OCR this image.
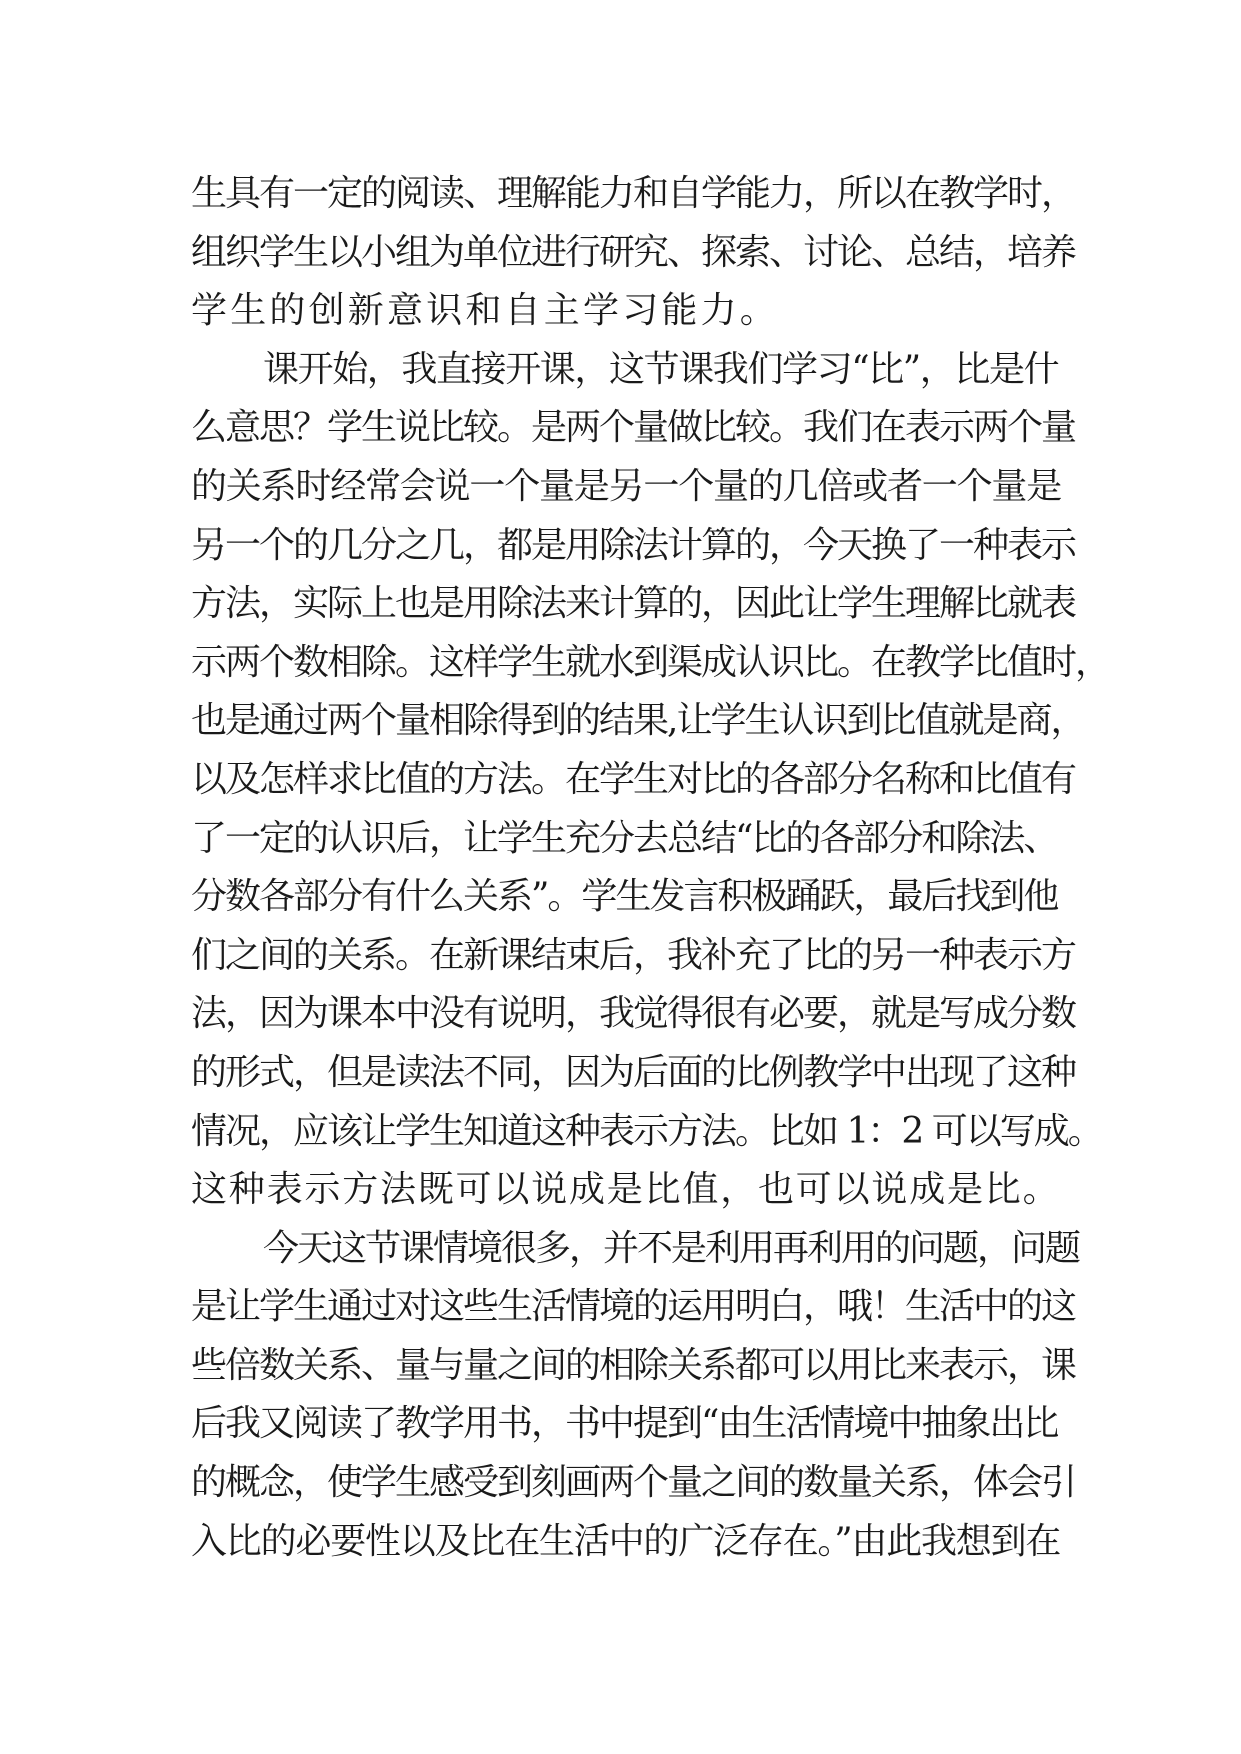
生具有一定的阅读、理解能力和自学能力，所以在教学时，
组织学生以小组为单位进行研究、探索、讨论、总结，培养
学生的创新意识和自主学习能力。
课开始，我直接开课，这节课我们学习“比”，比是什
么意思？学生说比较。是两个量做比较。我们在表示两个量
的关系时经常会说一个量是另一个量的几倍或者一个量是
另一个的几分之几，都是用除法计算的，今天换了一种表示
方法，实际上也是用除法来计算的，因此让学生理解比就表
示两个数相除。这样学生就水到渠成认识比。在教学比值时，
也是通过两个量相除得到的结果,让学生认识到比值就是商，
以及怎样求比值的方法。在学生对比的各部分名称和比值有
了一定的认识后，让学生充分去总结“比的各部分和除法、
分数各部分有什么关系”。学生发言积极踊跃，最后找到他
们之间的关系。在新课结束后，我补充了比的另一种表示方
法，因为课本中没有说明，我觉得很有必要，就是写成分数
的形式，但是读法不同，因为后面的比例教学中出现了这种
情况，应该让学生知道这种表示方法。比如 1：2 可以写成。
这种表示方法既可以说成是比值，也可以说成是比。
今天这节课情境很多，并不是利用再利用的问题，问题
是让学生通过对这些生活情境的运用明白，哦！生活中的这
些倍数关系、量与量之间的相除关系都可以用比来表示，课
后我又阅读了教学用书，书中提到“由生活情境中抽象出比
的概念，使学生感受到刻画两个量之间的数量关系，体会引
入比的必要性以及比在生活中的广泛存在。”由此我想到在
